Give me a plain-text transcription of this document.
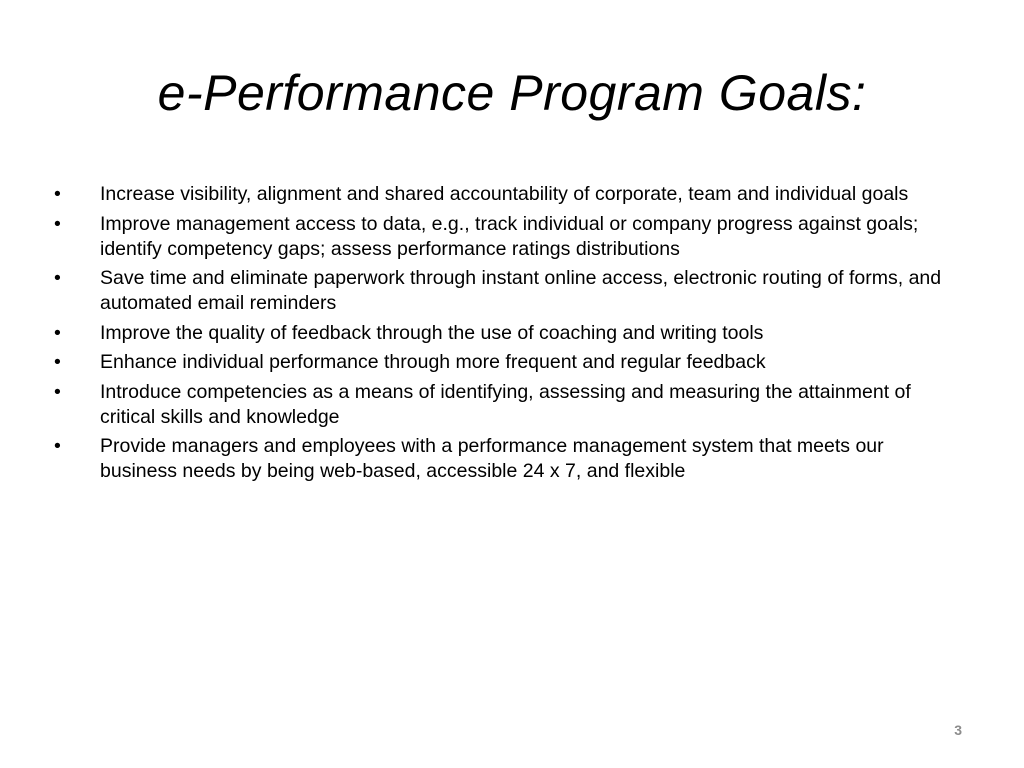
e-Performance Program Goals:
•	Increase visibility, alignment and shared accountability of corporate, team and individual goals
•	Improve management access to data, e.g., track individual or company progress against goals; identify competency gaps; assess performance ratings distributions
•	Save time and eliminate paperwork through instant online access, electronic routing of forms, and automated email reminders
•	Improve the quality of feedback through the use of coaching and writing tools
•	Enhance individual performance through more frequent and regular feedback
•	Introduce competencies as a means of identifying, assessing and measuring the attainment of critical skills and knowledge
•	Provide managers and employees with a performance management system that meets our business needs by being web-based, accessible 24 x 7, and flexible
3
